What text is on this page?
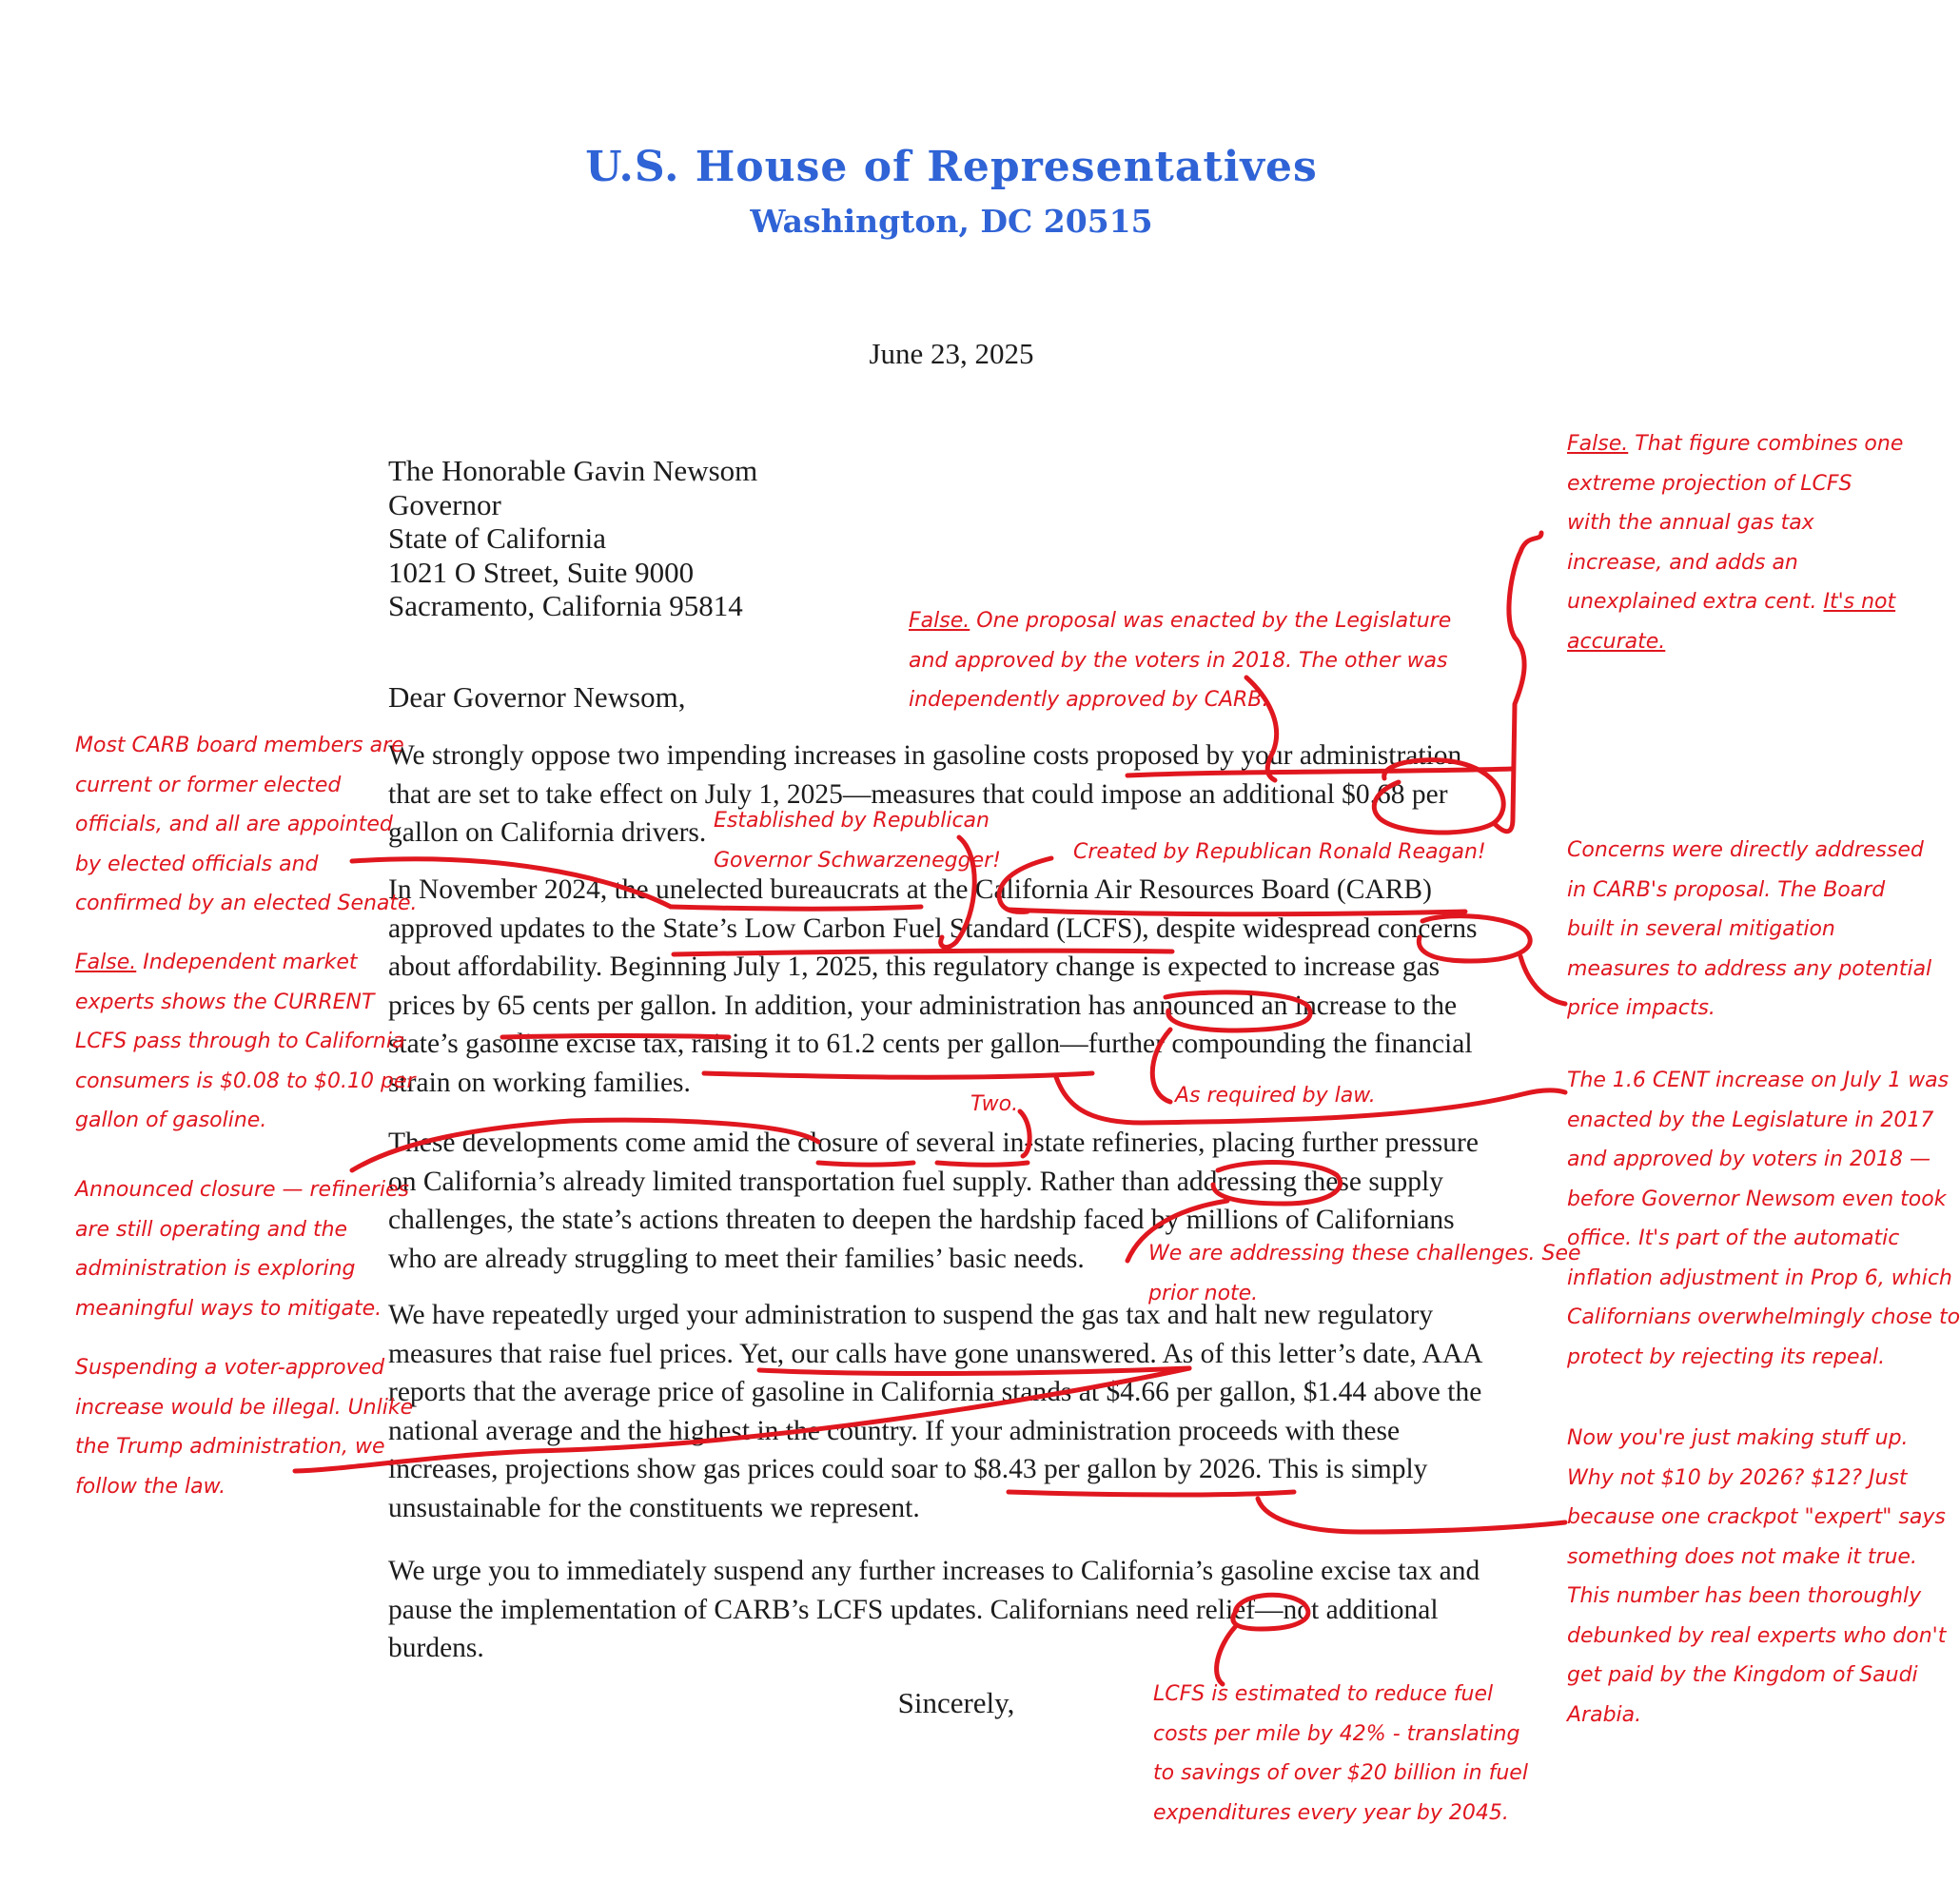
U.S. House of Representatives
Washington, DC 20515
June 23, 2025
The Honorable Gavin Newsom
Governor
State of California
1021 O Street, Suite 9000
Sacramento, California 95814
Dear Governor Newsom,
We strongly oppose two impending increases in gasoline costs proposed by your administration
that are set to take effect on July 1, 2025—measures that could impose an additional $0.68 per
gallon on California drivers.
In November 2024, the unelected bureaucrats at the California Air Resources Board (CARB)
approved updates to the State’s Low Carbon Fuel Standard (LCFS), despite widespread concerns
about affordability. Beginning July 1, 2025, this regulatory change is expected to increase gas
prices by 65 cents per gallon. In addition, your administration has announced an increase to the
state’s gasoline excise tax, raising it to 61.2 cents per gallon—further compounding the financial
strain on working families.
These developments come amid the closure of several in-state refineries, placing further pressure
on California’s already limited transportation fuel supply. Rather than addressing these supply
challenges, the state’s actions threaten to deepen the hardship faced by millions of Californians
who are already struggling to meet their families’ basic needs.
We have repeatedly urged your administration to suspend the gas tax and halt new regulatory
measures that raise fuel prices. Yet, our calls have gone unanswered. As of this letter’s date, AAA
reports that the average price of gasoline in California stands at $4.66 per gallon, $1.44 above the
national average and the highest in the country. If your administration proceeds with these
increases, projections show gas prices could soar to $8.43 per gallon by 2026. This is simply
unsustainable for the constituents we represent.
We urge you to immediately suspend any further increases to California’s gasoline excise tax and
pause the implementation of CARB’s LCFS updates. Californians need relief—not additional
burdens.
Sincerely,
False. That figure combines one
extreme projection of LCFS
with the annual gas tax
increase, and adds an
unexplained extra cent. It's not
accurate.
False. One proposal was enacted by the Legislature
and approved by the voters in 2018. The other was
independently approved by CARB.
Most CARB board members are
current or former elected
officials, and all are appointed
by elected officials and
confirmed by an elected Senate.
False. Independent market
experts shows the CURRENT
LCFS pass through to California
consumers is $0.08 to $0.10 per
gallon of gasoline.
Announced closure — refineries
are still operating and the
administration is exploring
meaningful ways to mitigate.
Suspending a voter-approved
increase would be illegal. Unlike
the Trump administration, we
follow the law.
Established by Republican
Governor Schwarzenegger!	Created by Republican Ronald Reagan!	Concerns were directly addressed
in CARB's proposal. The Board
built in several mitigation
measures to address any potential
price impacts.
As required by law.
Two.
We are addressing these challenges. See
prior note.
The 1.6 CENT increase on July 1 was
enacted by the Legislature in 2017
and approved by voters in 2018 —
before Governor Newsom even took
office. It's part of the automatic
inflation adjustment in Prop 6, which
Californians overwhelmingly chose to
protect by rejecting its repeal.
Now you're just making stuff up.
Why not $10 by 2026? $12? Just
because one crackpot "expert" says
something does not make it true.
This number has been thoroughly
debunked by real experts who don't
get paid by the Kingdom of Saudi
Arabia.
LCFS is estimated to reduce fuel
costs per mile by 42% - translating
to savings of over $20 billion in fuel
expenditures every year by 2045.
